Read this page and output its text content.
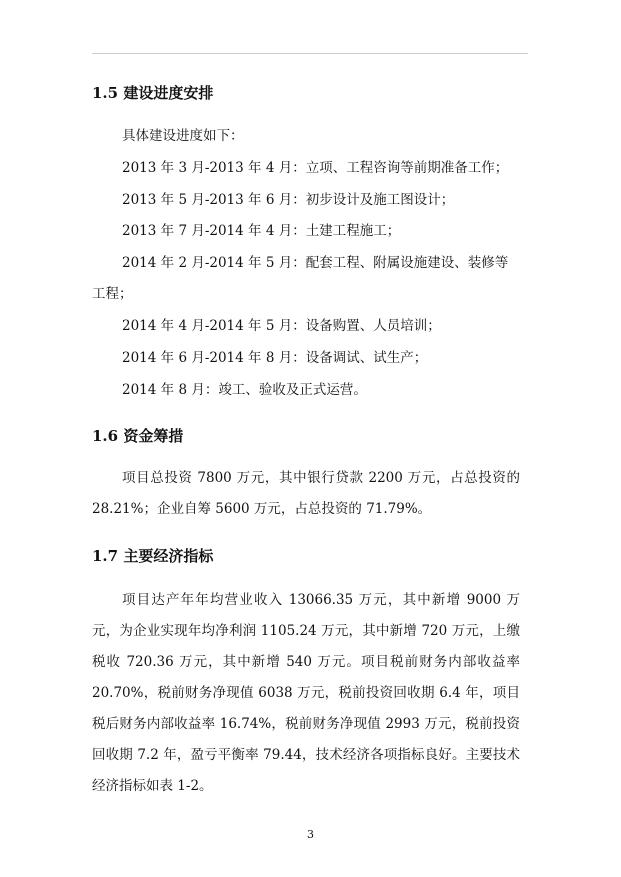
1.5 建设进度安排
具体建设进度如下：
2013 年 3 月-2013 年 4 月：立项、工程咨询等前期准备工作；
2013 年 5 月-2013 年 6 月：初步设计及施工图设计；
2013 年 7 月-2014 年 4 月：土建工程施工；
2014 年 2 月-2014 年 5 月：配套工程、附属设施建设、装修等
工程；
2014 年 4 月-2014 年 5 月：设备购置、人员培训；
2014 年 6 月-2014 年 8 月：设备调试、试生产；
2014 年 8 月：竣工、验收及正式运营。
1.6 资金筹措

项目总投资 7800 万元，其中银行贷款 2200 万元，占总投资的 28.21%；企业自筹 5600 万元，占总投资的 71.79%。

1.7 主要经济指标

项目达产年年均营业收入 13066.35 万元，其中新增 9000 万元，为企业实现年均净利润 1105.24 万元，其中新增 720 万元，上缴税收 720.36 万元，其中新增 540 万元。项目税前财务内部收益率 20.70%，税前财务净现值 6038 万元，税前投资回收期 6.4 年，项目税后财务内部收益率 16.74%，税前财务净现值 2993 万元，税前投资回收期 7.2 年，盈亏平衡率 79.44，技术经济各项指标良好。主要技术经济指标如表 1-2。

3
